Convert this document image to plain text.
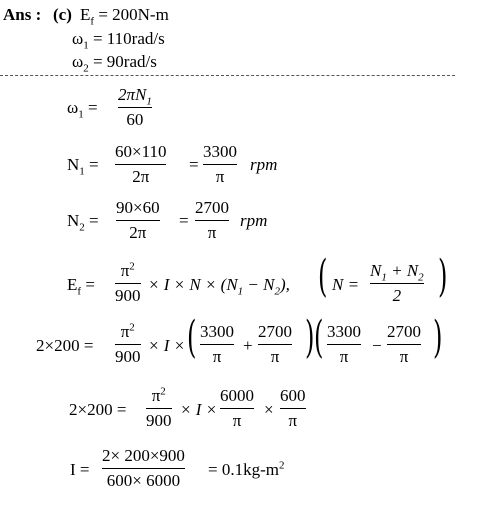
Ans : (c) $E_f = 200N-m$
$\omega_1 = 110rad/s$
$\omega_2 = 90rad/s$
$\omega_1$ =
$2\pi N_1$
60
$N_1$ =
60×110
2π
=
3300
π
rpm
$N_2$ =
90×60
2π
=
2700
π
rpm
$E_f$ =
$\pi^2$
900
× $I \times N \times (N_1 - N_2)$, ( N =
$N_1 + N_2$
2 )
2×200 =
$\pi^2$
900
× I × ( 3300
π
+
2700
π ) ( 3300
π
−
2700
π )
2×200 =
$\pi^2$
900
× I ×
6000
π
×
600
π
I =
2× 200×900
600× 6000
= $0.1kg-m^2$
